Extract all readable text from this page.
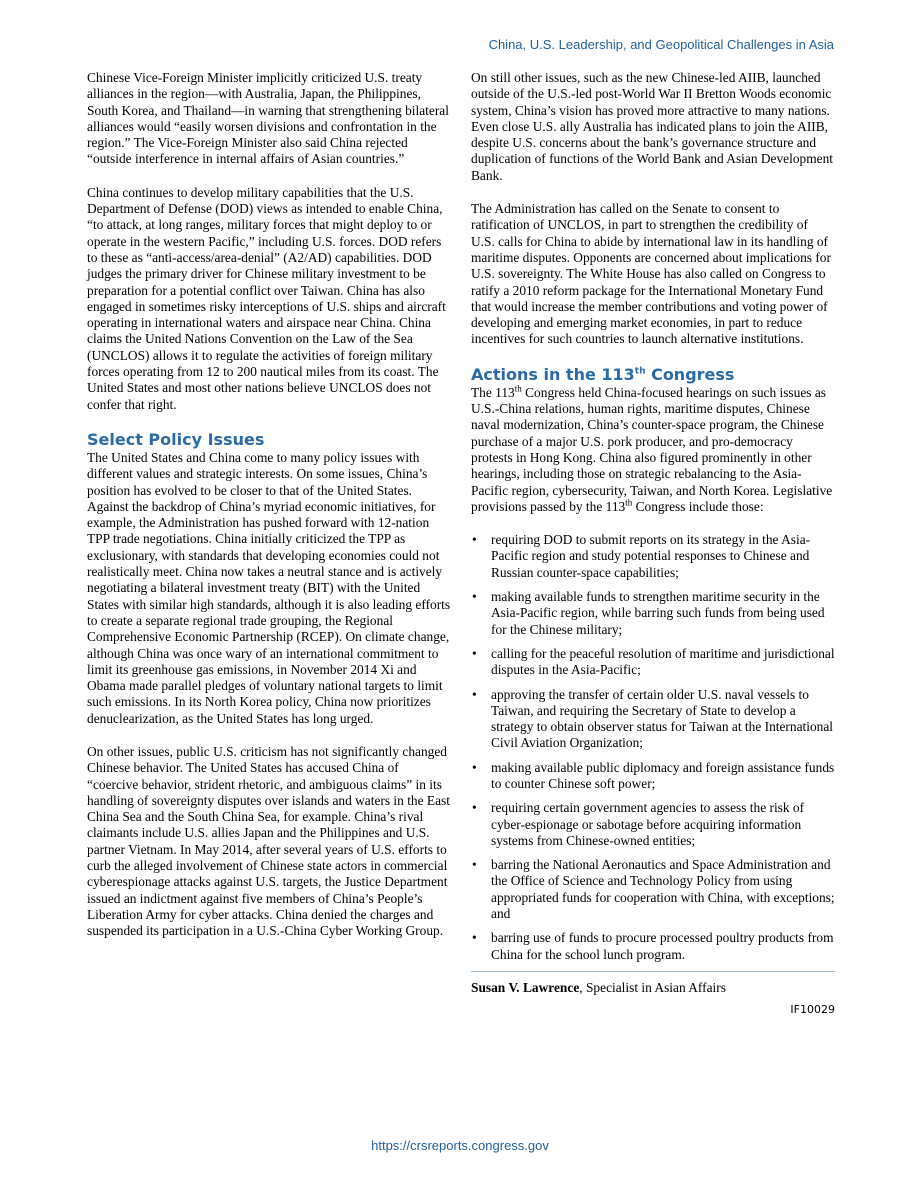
China, U.S. Leadership, and Geopolitical Challenges in Asia

Chinese Vice-Foreign Minister implicitly criticized U.S. treaty alliances in the region—with Australia, Japan, the Philippines, South Korea, and Thailand—in warning that strengthening bilateral alliances would “easily worsen divisions and confrontation in the region.” The Vice-Foreign Minister also said China rejected “outside interference in internal affairs of Asian countries.”

China continues to develop military capabilities that the U.S. Department of Defense (DOD) views as intended to enable China, “to attack, at long ranges, military forces that might deploy to or operate in the western Pacific,” including U.S. forces. DOD refers to these as “anti-access/area-denial” (A2/AD) capabilities. DOD judges the primary driver for Chinese military investment to be preparation for a potential conflict over Taiwan. China has also engaged in sometimes risky interceptions of U.S. ships and aircraft operating in international waters and airspace near China. China claims the United Nations Convention on the Law of the Sea (UNCLOS) allows it to regulate the activities of foreign military forces operating from 12 to 200 nautical miles from its coast. The United States and most other nations believe UNCLOS does not confer that right.

Select Policy Issues

The United States and China come to many policy issues with different values and strategic interests. On some issues, China’s position has evolved to be closer to that of the United States. Against the backdrop of China’s myriad economic initiatives, for example, the Administration has pushed forward with 12-nation TPP trade negotiations. China initially criticized the TPP as exclusionary, with standards that developing economies could not realistically meet. China now takes a neutral stance and is actively negotiating a bilateral investment treaty (BIT) with the United States with similar high standards, although it is also leading efforts to create a separate regional trade grouping, the Regional Comprehensive Economic Partnership (RCEP). On climate change, although China was once wary of an international commitment to limit its greenhouse gas emissions, in November 2014 Xi and Obama made parallel pledges of voluntary national targets to limit such emissions. In its North Korea policy, China now prioritizes denuclearization, as the United States has long urged.

On other issues, public U.S. criticism has not significantly changed Chinese behavior. The United States has accused China of “coercive behavior, strident rhetoric, and ambiguous claims” in its handling of sovereignty disputes over islands and waters in the East China Sea and the South China Sea, for example. China’s rival claimants include U.S. allies Japan and the Philippines and U.S. partner Vietnam. In May 2014, after several years of U.S. efforts to curb the alleged involvement of Chinese state actors in commercial cyberespionage attacks against U.S. targets, the Justice Department issued an indictment against five members of China’s People’s Liberation Army for cyber attacks. China denied the charges and suspended its participation in a U.S.-China Cyber Working Group.

On still other issues, such as the new Chinese-led AIIB, launched outside of the U.S.-led post-World War II Bretton Woods economic system, China’s vision has proved more attractive to many nations. Even close U.S. ally Australia has indicated plans to join the AIIB, despite U.S. concerns about the bank’s governance structure and duplication of functions of the World Bank and Asian Development Bank.

The Administration has called on the Senate to consent to ratification of UNCLOS, in part to strengthen the credibility of U.S. calls for China to abide by international law in its handling of maritime disputes. Opponents are concerned about implications for U.S. sovereignty. The White House has also called on Congress to ratify a 2010 reform package for the International Monetary Fund that would increase the member contributions and voting power of developing and emerging market economies, in part to reduce incentives for such countries to launch alternative institutions.

Actions in the 113th Congress

The 113th Congress held China-focused hearings on such issues as U.S.-China relations, human rights, maritime disputes, Chinese naval modernization, China’s counter-space program, the Chinese purchase of a major U.S. pork producer, and pro-democracy protests in Hong Kong. China also figured prominently in other hearings, including those on strategic rebalancing to the Asia-Pacific region, cybersecurity, Taiwan, and North Korea. Legislative provisions passed by the 113th Congress include those:

• requiring DOD to submit reports on its strategy in the Asia-Pacific region and study potential responses to Chinese and Russian counter-space capabilities;
• making available funds to strengthen maritime security in the Asia-Pacific region, while barring such funds from being used for the Chinese military;
• calling for the peaceful resolution of maritime and jurisdictional disputes in the Asia-Pacific;
• approving the transfer of certain older U.S. naval vessels to Taiwan, and requiring the Secretary of State to develop a strategy to obtain observer status for Taiwan at the International Civil Aviation Organization;
• making available public diplomacy and foreign assistance funds to counter Chinese soft power;
• requiring certain government agencies to assess the risk of cyber-espionage or sabotage before acquiring information systems from Chinese-owned entities;
• barring the National Aeronautics and Space Administration and the Office of Science and Technology Policy from using appropriated funds for cooperation with China, with exceptions; and
• barring use of funds to procure processed poultry products from China for the school lunch program.
Susan V. Lawrence, Specialist in Asian Affairs
IF10029
https://crsreports.congress.gov
